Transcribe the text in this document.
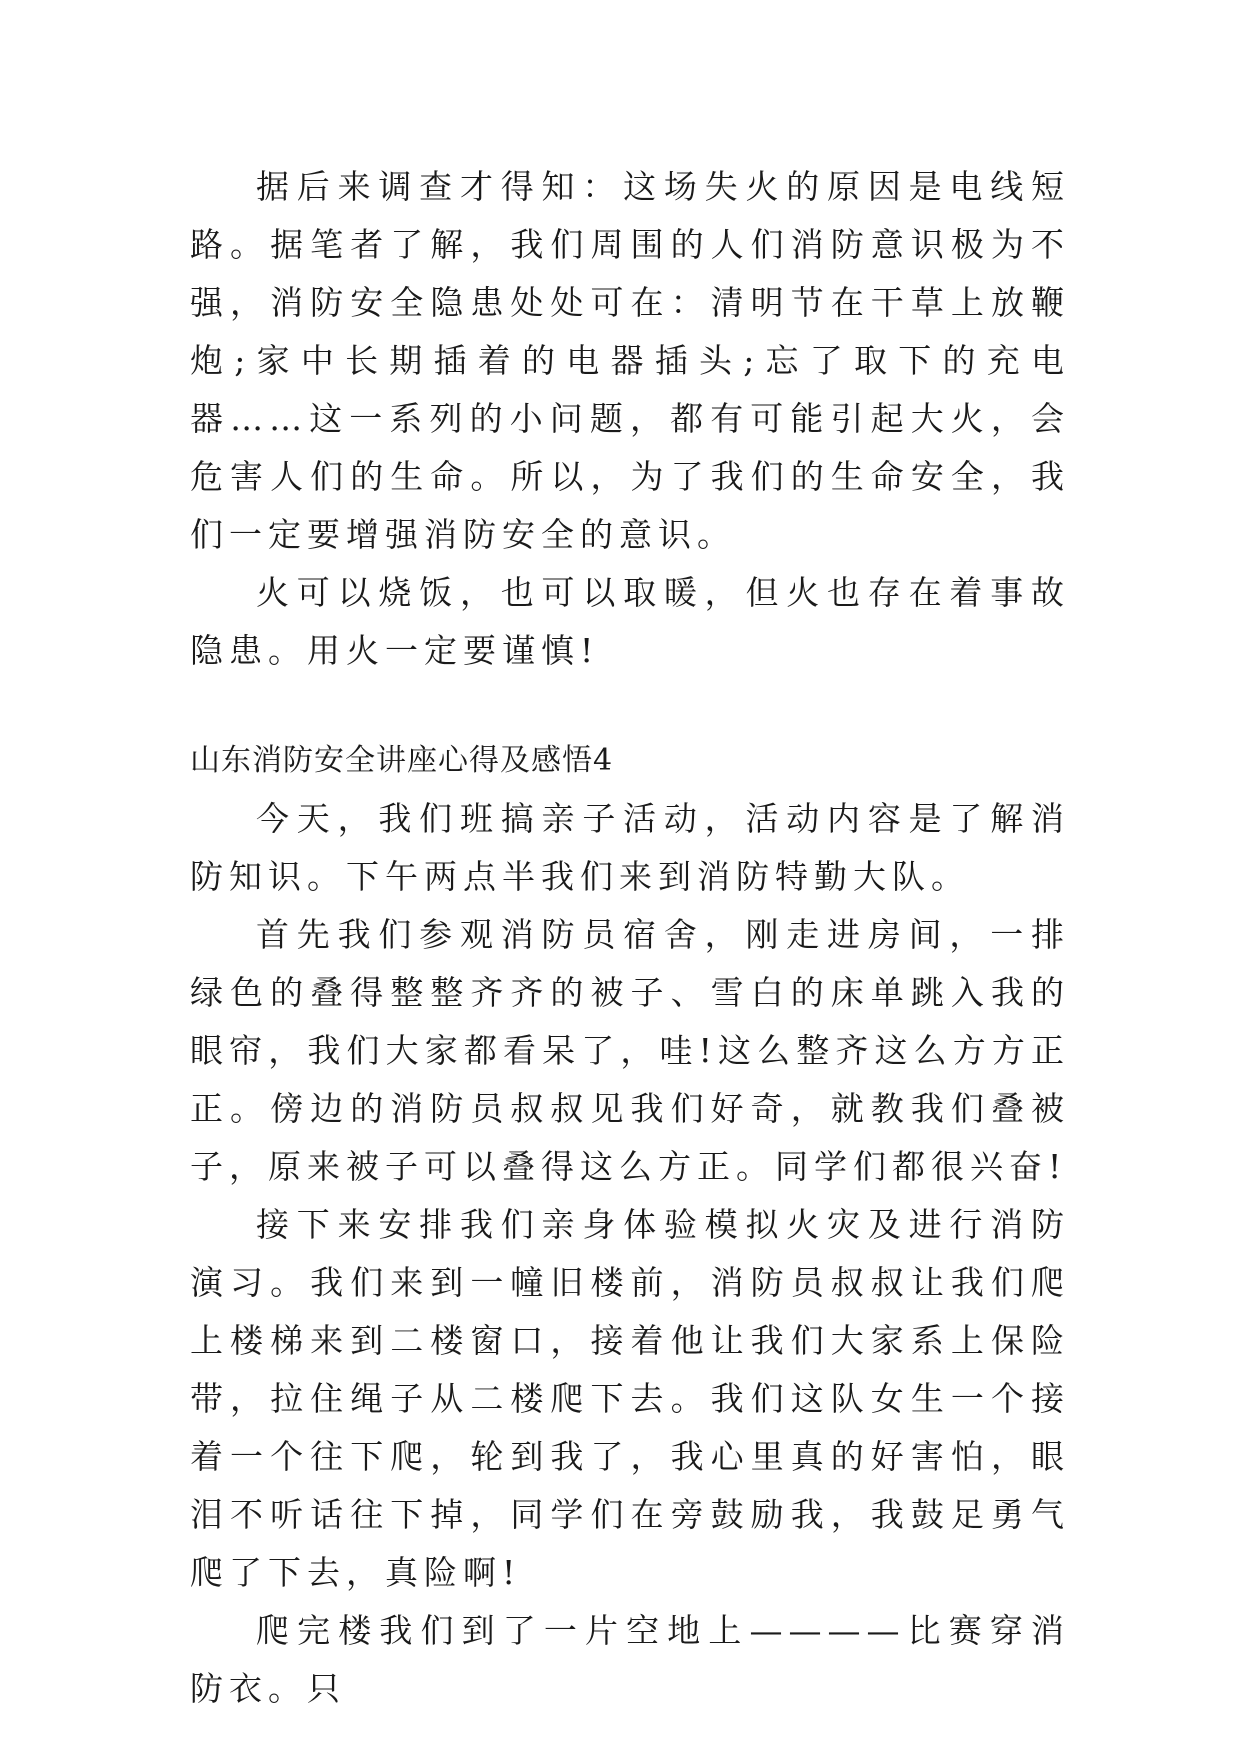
据后来调查才得知：这场失火的原因是电线短路。据笔者了解，我们周围的人们消防意识极为不强，消防安全隐患处处可在：清明节在干草上放鞭炮;家中长期插着的电器插头;忘了取下的充电器……这一系列的小问题，都有可能引起大火，会危害人们的生命。所以，为了我们的生命安全，我们一定要增强消防安全的意识。

火可以烧饭，也可以取暖，但火也存在着事故隐患。用火一定要谨慎!

山东消防安全讲座心得及感悟4

今天，我们班搞亲子活动，活动内容是了解消防知识。下午两点半我们来到消防特勤大队。

首先我们参观消防员宿舍，刚走进房间，一排绿色的叠得整整齐齐的被子、雪白的床单跳入我的眼帘，我们大家都看呆了，哇!这么整齐这么方方正正。傍边的消防员叔叔见我们好奇，就教我们叠被子，原来被子可以叠得这么方正。同学们都很兴奋!

接下来安排我们亲身体验模拟火灾及进行消防演习。我们来到一幢旧楼前，消防员叔叔让我们爬上楼梯来到二楼窗口，接着他让我们大家系上保险带，拉住绳子从二楼爬下去。我们这队女生一个接着一个往下爬，轮到我了，我心里真的好害怕，眼泪不听话往下掉，同学们在旁鼓励我，我鼓足勇气爬了下去，真险啊!

爬完楼我们到了一片空地上————比赛穿消防衣。只
